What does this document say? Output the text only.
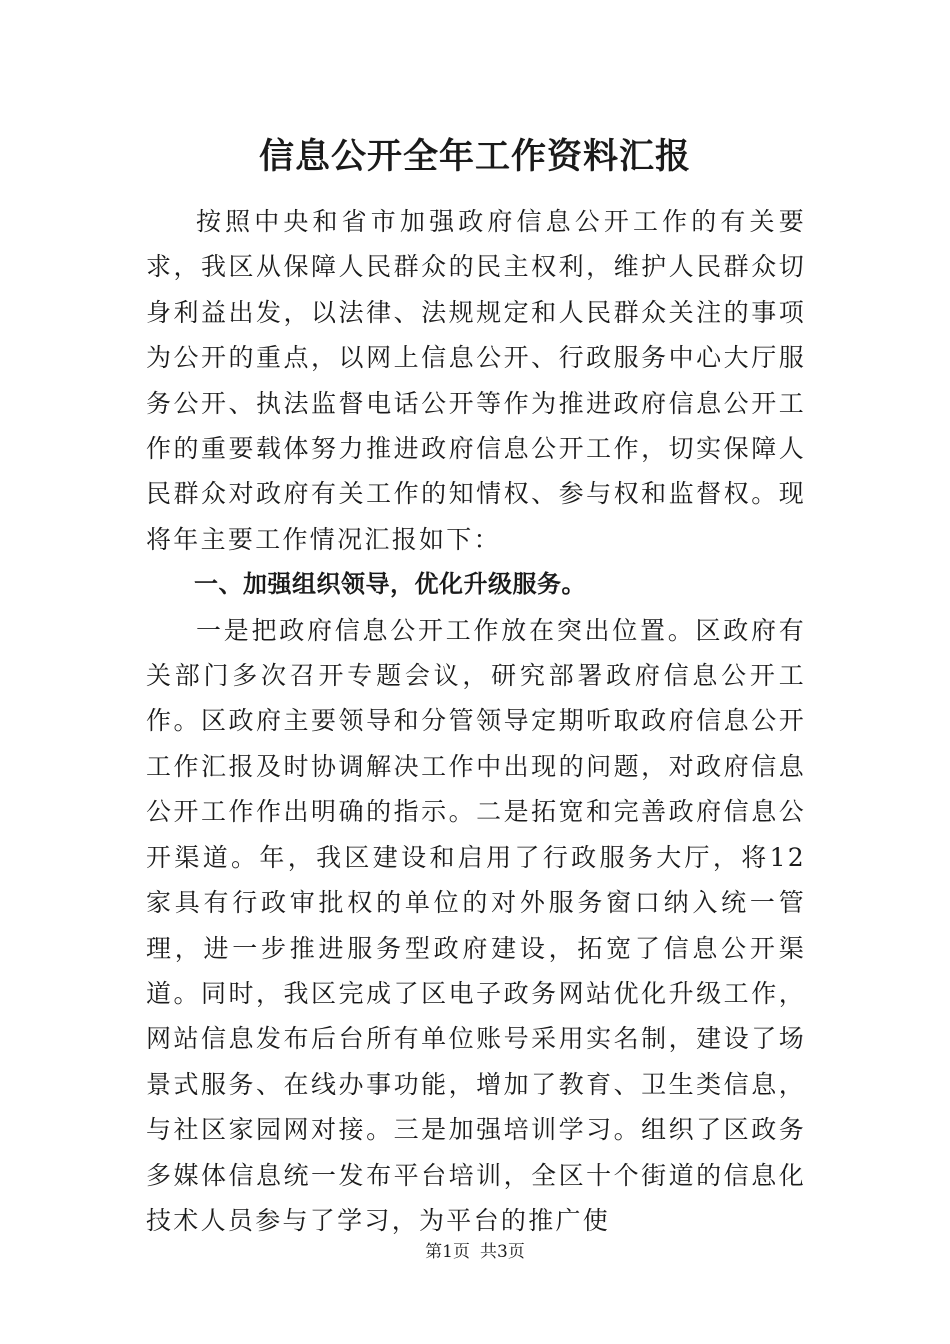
信息公开全年工作资料汇报

按照中央和省市加强政府信息公开工作的有关要求，我区从保障人民群众的民主权利，维护人民群众切身利益出发，以法律、法规规定和人民群众关注的事项为公开的重点，以网上信息公开、行政服务中心大厅服务公开、执法监督电话公开等作为推进政府信息公开工作的重要载体努力推进政府信息公开工作，切实保障人民群众对政府有关工作的知情权、参与权和监督权。现将年主要工作情况汇报如下：

一、加强组织领导，优化升级服务。

一是把政府信息公开工作放在突出位置。区政府有关部门多次召开专题会议，研究部署政府信息公开工作。区政府主要领导和分管领导定期听取政府信息公开工作汇报及时协调解决工作中出现的问题，对政府信息公开工作作出明确的指示。二是拓宽和完善政府信息公开渠道。年，我区建设和启用了行政服务大厅，将12家具有行政审批权的单位的对外服务窗口纳入统一管理，进一步推进服务型政府建设，拓宽了信息公开渠道。同时，我区完成了区电子政务网站优化升级工作，网站信息发布后台所有单位账号采用实名制，建设了场景式服务、在线办事功能，增加了教育、卫生类信息，与社区家园网对接。三是加强培训学习。组织了区政务多媒体信息统一发布平台培训，全区十个街道的信息化技术人员参与了学习，为平台的推广使

第1页 共3页
